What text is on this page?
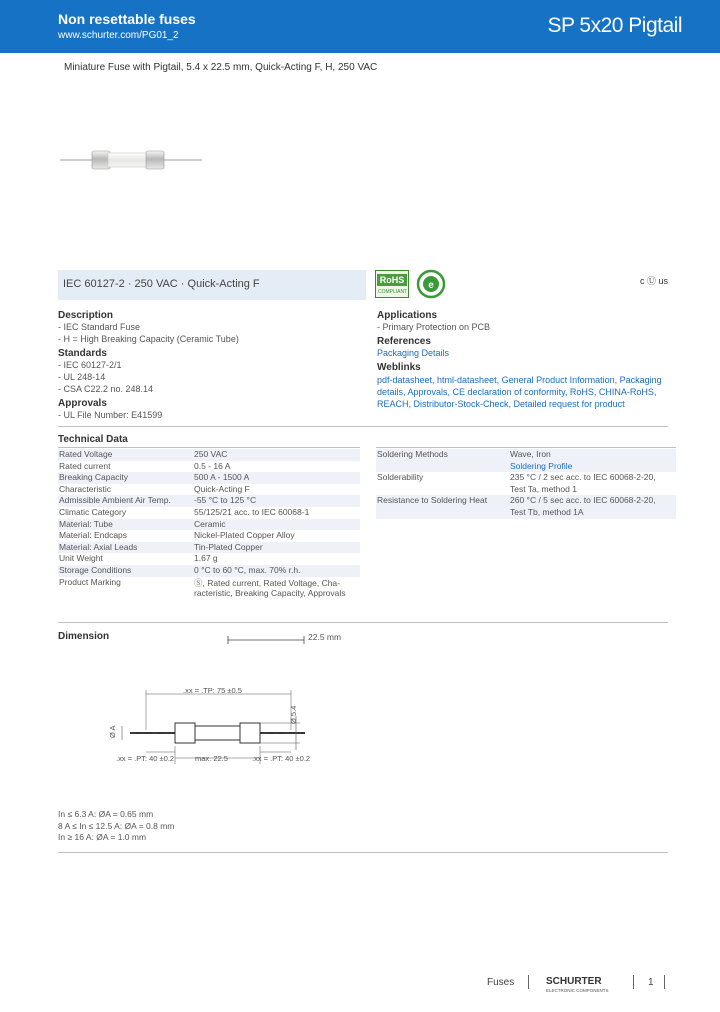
Non resettable fuses
www.schurter.com/PG01_2	SP 5x20 Pigtail
Miniature Fuse with Pigtail, 5.4 x 22.5 mm, Quick-Acting F, H, 250 VAC
IEC 60127-2 · 250 VAC · Quick-Acting F	RoHS
COMPLIANT
e	c Ⓤ us
Description
- IEC Standard Fuse
- H = High Breaking Capacity (Ceramic Tube)
Standards
- IEC 60127-2/1
- UL 248-14
- CSA C22.2 no. 248.14
Approvals
- UL File Number: E41599
Applications
- Primary Protection on PCB
References
Packaging Details
Weblinks
pdf-datasheet, html-datasheet, General Product Information, Packaging
details, Approvals, CE declaration of conformity, RoHS, CHINA-RoHS,
REACH, Distributor-Stock-Check, Detailed request for product
Technical Data
Rated Voltage	250 VAC
Rated current	0.5 - 16 A
Breaking Capacity	500 A - 1500 A
Characteristic	Quick-Acting F
Admissible Ambient Air Temp.	-55 °C to 125 °C
Climatic Category	55/125/21 acc. to IEC 60068-1
Material: Tube	Ceramic
Material: Endcaps	Nickel-Plated Copper Alloy
Material: Axial Leads	Tin-Plated Copper
Unit Weight	1.67 g
Storage Conditions	0 °C to 60 °C, max. 70% r.h.
Product Marking	Ⓢ, Rated current, Rated Voltage, Cha-
racteristic, Breaking Capacity, Approvals
Soldering Methods	Wave, Iron
Soldering Profile
Solderability	235 °C / 2 sec acc. to IEC 60068-2-20,
Test Ta, method 1
Resistance to Soldering Heat	260 °C / 5 sec acc. to IEC 60068-2-20,
Test Tb, method 1A
Dimension	22.5 mm
.xx = .TP: 75 ±0.5
.xx = .PT: 40 ±0.2	max. 22.5	.xx = .PT: 40 ±0.2
Ø 5.4
Ø A
In ≤ 6.3 A: ØA = 0.65 mm
8 A ≤ In ≤ 12.5 A: ØA = 0.8 mm
In ≥ 16 A: ØA = 1.0 mm
Fuses	SCHURTER
ELECTRONIC COMPONENTS
1
